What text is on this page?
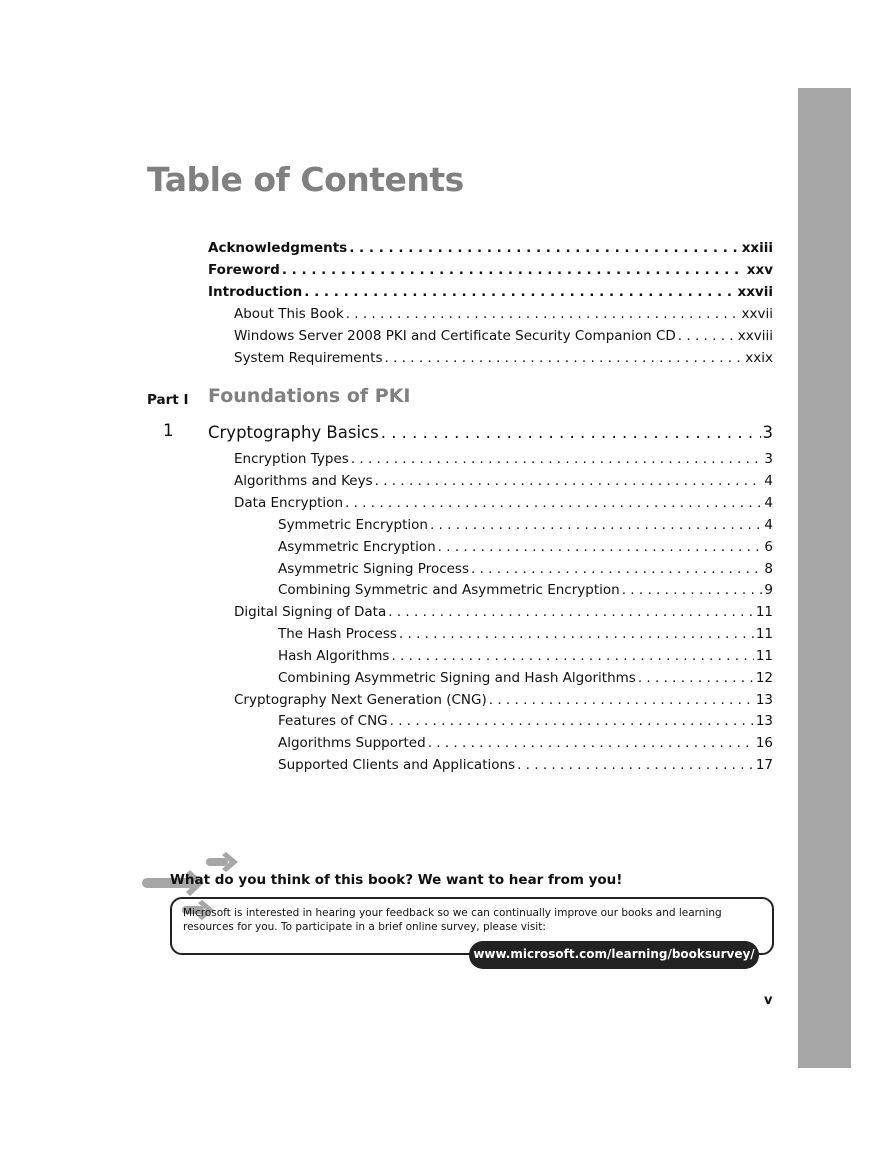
Table of Contents
Acknowledgments . . .	xxiii
Foreword . . .	xxv
Introduction . . .	xxvii
About This Book . . .	xxvii
Windows Server 2008 PKI and Certificate Security Companion CD . . .	xxviii
System Requirements . . .	xxix
Part I Foundations of PKI
1 Cryptography Basics . . .	3
Encryption Types . . .	3
Algorithms and Keys . . .	4
Data Encryption . . .	4
Symmetric Encryption . . .	4
Asymmetric Encryption . . .	6
Asymmetric Signing Process . . .	8
Combining Symmetric and Asymmetric Encryption . . .	9
Digital Signing of Data . . .	11
The Hash Process . . .	11
Hash Algorithms . . .	11
Combining Asymmetric Signing and Hash Algorithms . . .	12
Cryptography Next Generation (CNG) . . .	13
Features of CNG . . .	13
Algorithms Supported . . .	16
Supported Clients and Applications . . .	17
What do you think of this book? We want to hear from you!
Microsoft is interested in hearing your feedback so we can continually improve our books and learning resources for you. To participate in a brief online survey, please visit:
www.microsoft.com/learning/booksurvey/
v
